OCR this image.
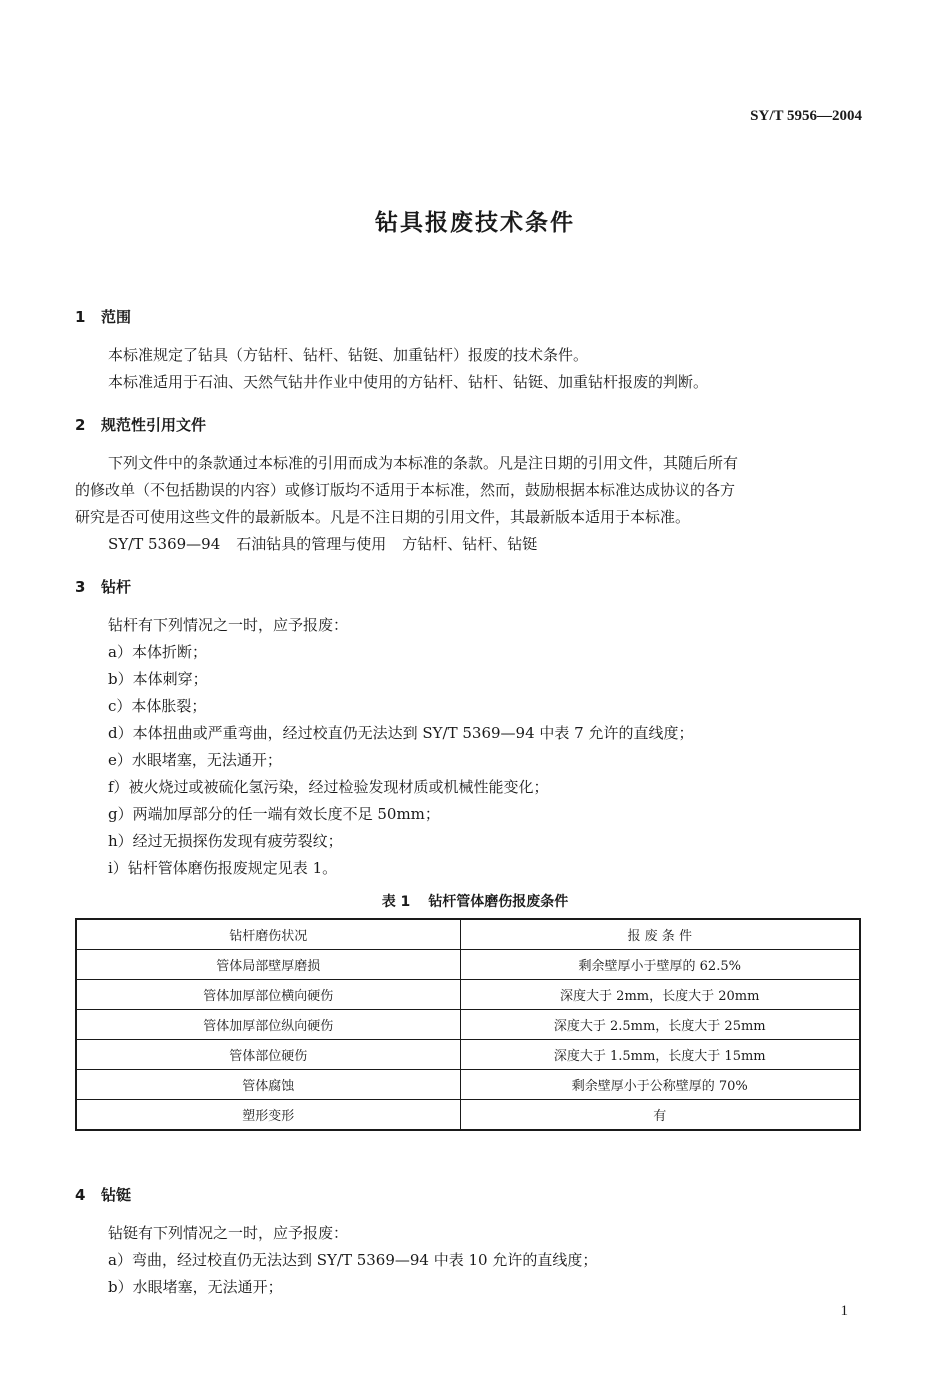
SY/T 5956—2004
钻具报废技术条件
1 范围
本标准规定了钻具（方钻杆、钻杆、钻铤、加重钻杆）报废的技术条件。
本标准适用于石油、天然气钻井作业中使用的方钻杆、钻杆、钻铤、加重钻杆报废的判断。
2 规范性引用文件
下列文件中的条款通过本标准的引用而成为本标准的条款。凡是注日期的引用文件，其随后所有
的修改单（不包括勘误的内容）或修订版均不适用于本标准，然而，鼓励根据本标准达成协议的各方
研究是否可使用这些文件的最新版本。凡是不注日期的引用文件，其最新版本适用于本标准。
SY/T 5369—94 石油钻具的管理与使用 方钻杆、钻杆、钻铤
3 钻杆
钻杆有下列情况之一时，应予报废：
a）本体折断；
b）本体刺穿；
c）本体胀裂；
d）本体扭曲或严重弯曲，经过校直仍无法达到 SY/T 5369—94 中表 7 允许的直线度；
e）水眼堵塞，无法通开；
f）被火烧过或被硫化氢污染，经过检验发现材质或机械性能变化；
g）两端加厚部分的任一端有效长度不足 50mm；
h）经过无损探伤发现有疲劳裂纹；
i）钻杆管体磨伤报废规定见表 1。
表 1 钻杆管体磨伤报废条件
钻杆磨伤状况	报 废 条 件
管体局部壁厚磨损	剩余壁厚小于壁厚的 62.5%
管体加厚部位横向硬伤	深度大于 2mm，长度大于 20mm
管体加厚部位纵向硬伤	深度大于 2.5mm，长度大于 25mm
管体部位硬伤	深度大于 1.5mm，长度大于 15mm
管体腐蚀	剩余壁厚小于公称壁厚的 70%
塑形变形	有
4 钻铤
钻铤有下列情况之一时，应予报废：
a）弯曲，经过校直仍无法达到 SY/T 5369—94 中表 10 允许的直线度；
b）水眼堵塞，无法通开；
1
